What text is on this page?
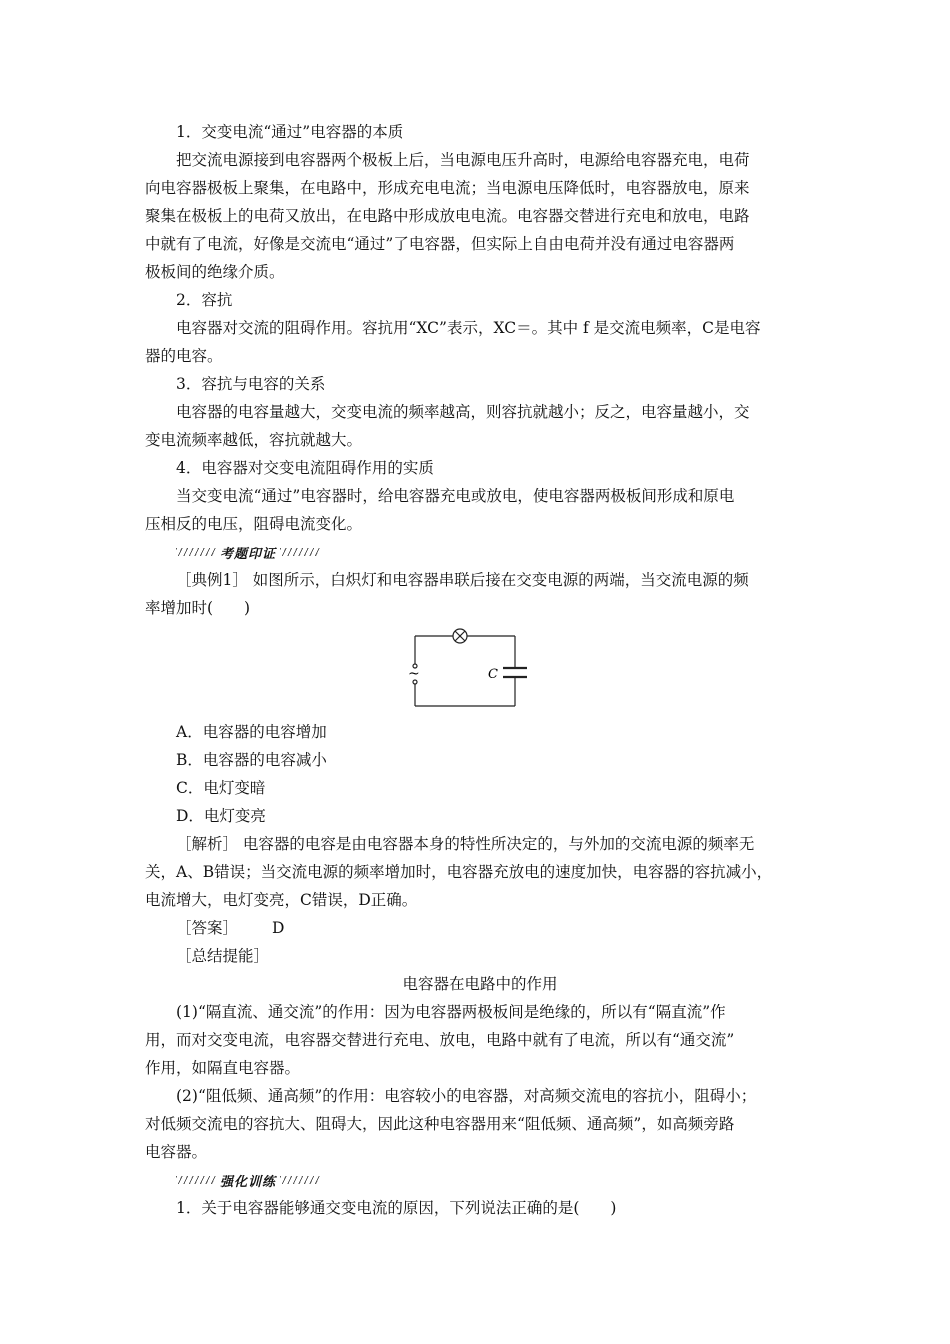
1．交变电流“通过”电容器的本质
把交流电源接到电容器两个极板上后，当电源电压升高时，电源给电容器充电，电荷
向电容器极板上聚集，在电路中，形成充电电流；当电源电压降低时，电容器放电，原来
聚集在极板上的电荷又放出，在电路中形成放电电流。电容器交替进行充电和放电，电路
中就有了电流，好像是交流电“通过”了电容器，但实际上自由电荷并没有通过电容器两
极板间的绝缘介质。
2．容抗
电容器对交流的阻碍作用。容抗用“XC”表示，XC＝。其中 f 是交流电频率，C是电容
器的电容。
3．容抗与电容的关系
电容器的电容量越大，交变电流的频率越高，则容抗就越小；反之，电容量越小，交
变电流频率越低，容抗就越大。
4．电容器对交变电流阻碍作用的实质
当交变电流“通过”电容器时，给电容器充电或放电，使电容器两极板间形成和原电
压相反的电压，阻碍电流变化。
考题印证
［典例1］ 如图所示，白炽灯和电容器串联后接在交变电源的两端，当交流电源的频
率增加时(　　)
~	C
A．电容器的电容增加
B．电容器的电容减小
C．电灯变暗
D．电灯变亮
［解析］ 电容器的电容是由电容器本身的特性所决定的，与外加的交流电源的频率无
关，A、B错误；当交流电源的频率增加时，电容器充放电的速度加快，电容器的容抗减小，
电流增大，电灯变亮，C错误，D正确。
［答案］ D
［总结提能］
电容器在电路中的作用
(1)“隔直流、通交流”的作用：因为电容器两极板间是绝缘的，所以有“隔直流”作
用，而对交变电流，电容器交替进行充电、放电，电路中就有了电流，所以有“通交流”
作用，如隔直电容器。
(2)“阻低频、通高频”的作用：电容较小的电容器，对高频交流电的容抗小，阻碍小；
对低频交流电的容抗大、阻碍大，因此这种电容器用来“阻低频、通高频”，如高频旁路
电容器。
强化训练
1．关于电容器能够通交变电流的原因，下列说法正确的是(　　)
